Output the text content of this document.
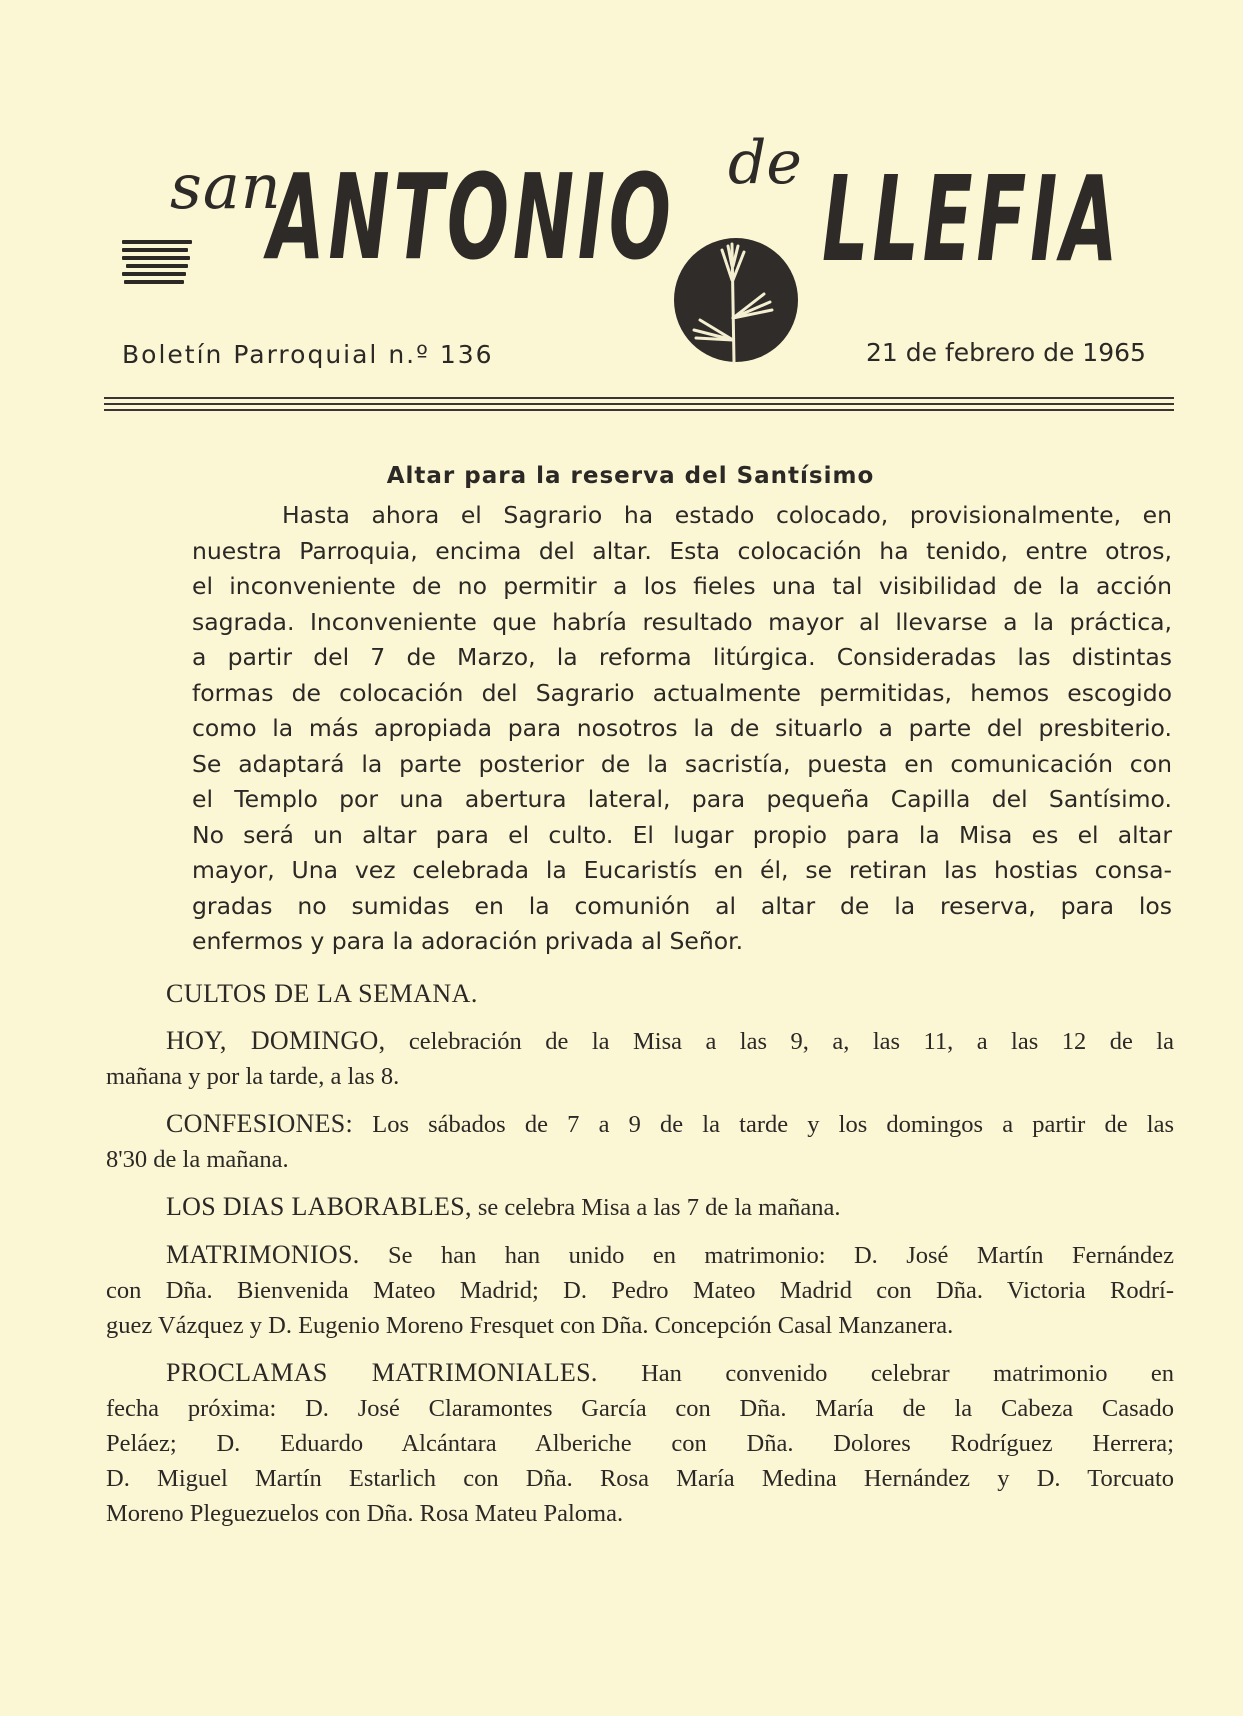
san
ANTONIO de LLEFIA
Boletín Parroquial n.º 136	21 de febrero de 1965
Altar para la reserva del Santísimo
Hasta ahora el Sagrario ha estado colocado, provisionalmente, en
nuestra Parroquia, encima del altar. Esta colocación ha tenido, entre otros,
el inconveniente de no permitir a los fieles una tal visibilidad de la acción
sagrada. Inconveniente que habría resultado mayor al llevarse a la práctica,
a partir del 7 de Marzo, la reforma litúrgica. Consideradas las distintas
formas de colocación del Sagrario actualmente permitidas, hemos escogido
como la más apropiada para nosotros la de situarlo a parte del presbiterio.
Se adaptará la parte posterior de la sacristía, puesta en comunicación con
el Templo por una abertura lateral, para pequeña Capilla del Santísimo.
No será un altar para el culto. El lugar propio para la Misa es el altar
mayor, Una vez celebrada la Eucaristís en él, se retiran las hostias consa-
gradas no sumidas en la comunión al altar de la reserva, para los
enfermos y para la adoración privada al Señor.
CULTOS DE LA SEMANA.
HOY, DOMINGO, celebración de la Misa a las 9, a, las 11, a las 12 de la
mañana y por la tarde, a las 8.
CONFESIONES: Los sábados de 7 a 9 de la tarde y los domingos a partir de las
8'30 de la mañana.
LOS DIAS LABORABLES, se celebra Misa a las 7 de la mañana.
MATRIMONIOS. Se han han unido en matrimonio: D. José Martín Fernández
con Dña. Bienvenida Mateo Madrid; D. Pedro Mateo Madrid con Dña. Victoria Rodrí-
guez Vázquez y D. Eugenio Moreno Fresquet con Dña. Concepción Casal Manzanera.
PROCLAMAS MATRIMONIALES. Han convenido celebrar matrimonio en
fecha próxima: D. José Claramontes García con Dña. María de la Cabeza Casado
Peláez; D. Eduardo Alcántara Alberiche con Dña. Dolores Rodríguez Herrera;
D. Miguel Martín Estarlich con Dña. Rosa María Medina Hernández y D. Torcuato
Moreno Pleguezuelos con Dña. Rosa Mateu Paloma.
